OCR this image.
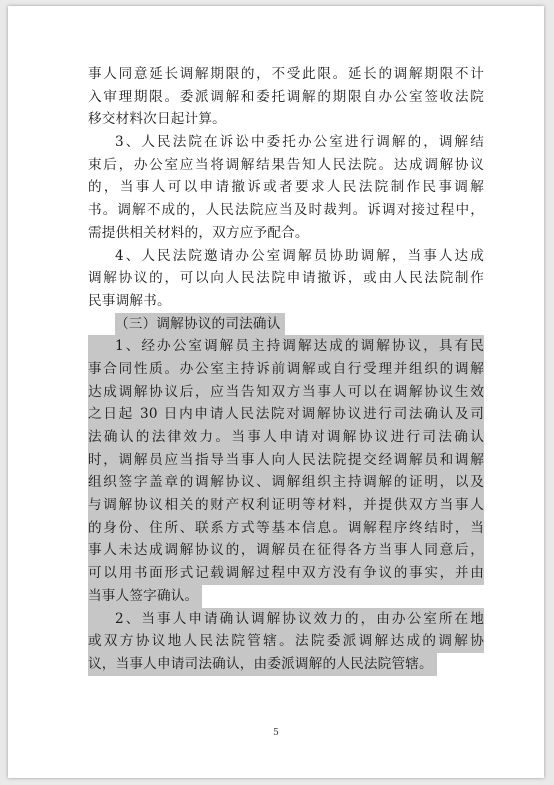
事人同意延长调解期限的，不受此限。延长的调解期限不计
入审理期限。委派调解和委托调解的期限自办公室签收法院
移交材料次日起计算。
3、人民法院在诉讼中委托办公室进行调解的，调解结
束后，办公室应当将调解结果告知人民法院。达成调解协议
的，当事人可以申请撤诉或者要求人民法院制作民事调解
书。调解不成的，人民法院应当及时裁判。诉调对接过程中，
需提供相关材料的，双方应予配合。
4、人民法院邀请办公室调解员协助调解，当事人达成
调解协议的，可以向人民法院申请撤诉，或由人民法院制作
民事调解书。
（三）调解协议的司法确认
1、经办公室调解员主持调解达成的调解协议，具有民
事合同性质。办公室主持诉前调解或自行受理并组织的调解
达成调解协议后，应当告知双方当事人可以在调解协议生效
之日起 30 日内申请人民法院对调解协议进行司法确认及司
法确认的法律效力。当事人申请对调解协议进行司法确认
时，调解员应当指导当事人向人民法院提交经调解员和调解
组织签字盖章的调解协议、调解组织主持调解的证明，以及
与调解协议相关的财产权利证明等材料，并提供双方当事人
的身份、住所、联系方式等基本信息。调解程序终结时，当
事人未达成调解协议的，调解员在征得各方当事人同意后，
可以用书面形式记载调解过程中双方没有争议的事实，并由
当事人签字确认。
2、当事人申请确认调解协议效力的，由办公室所在地
或双方协议地人民法院管辖。法院委派调解达成的调解协
议，当事人申请司法确认，由委派调解的人民法院管辖。
5
